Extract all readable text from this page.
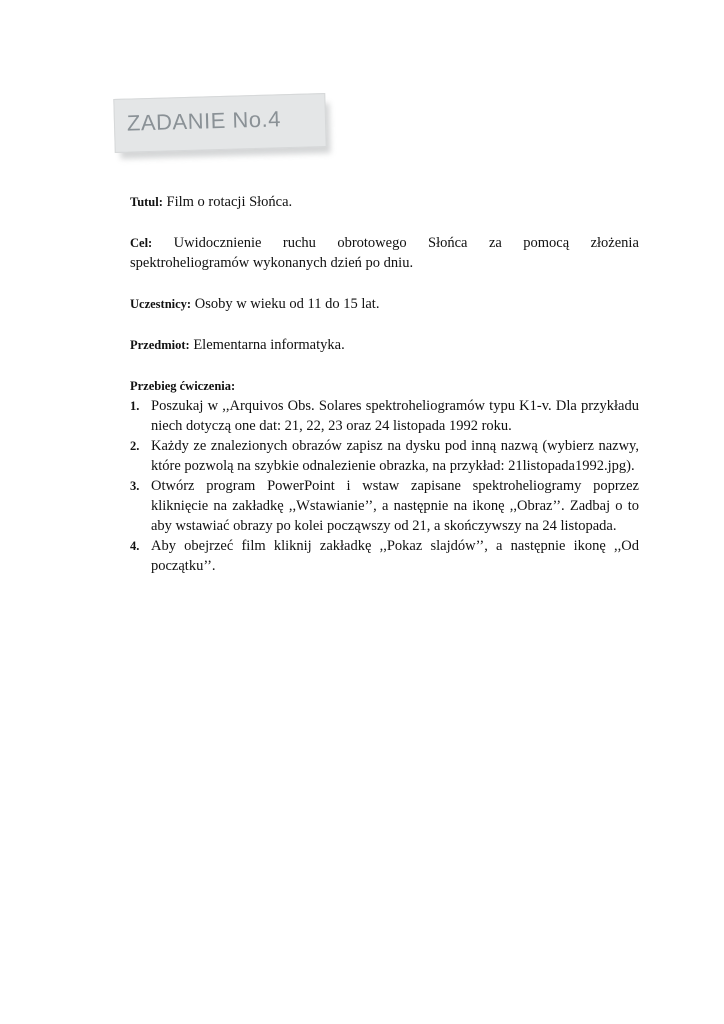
ZADANIE No.4

Tutul: Film o rotacji Słońca.

Cel: Uwidocznienie ruchu obrotowego Słońca za pomocą złożenia
spektroheliogramów wykonanych dzień po dniu.

Uczestnicy: Osoby w wieku od 11 do 15 lat.

Przedmiot: Elementarna informatyka.

Przebieg ćwiczenia:

1. Poszukaj w ,,Arquivos Obs. Solares spektroheliogramów typu K1-v. Dla przykładu niech dotyczą one dat: 21, 22, 23 oraz 24 listopada 1992 roku.
2. Każdy ze znalezionych obrazów zapisz na dysku pod inną nazwą (wybierz nazwy, które pozwolą na szybkie odnalezienie obrazka, na przykład: 21listopada1992.jpg).
3. Otwórz program PowerPoint i wstaw zapisane spektroheliogramy poprzez kliknięcie na zakładkę ,,Wstawianie’’, a następnie na ikonę ,,Obraz’’. Zadbaj o to aby wstawiać obrazy po kolei począwszy od 21, a skończywszy na 24 listopada.
4. Aby obejrzeć film kliknij zakładkę ,,Pokaz slajdów’’, a następnie ikonę ,,Od początku’’.
